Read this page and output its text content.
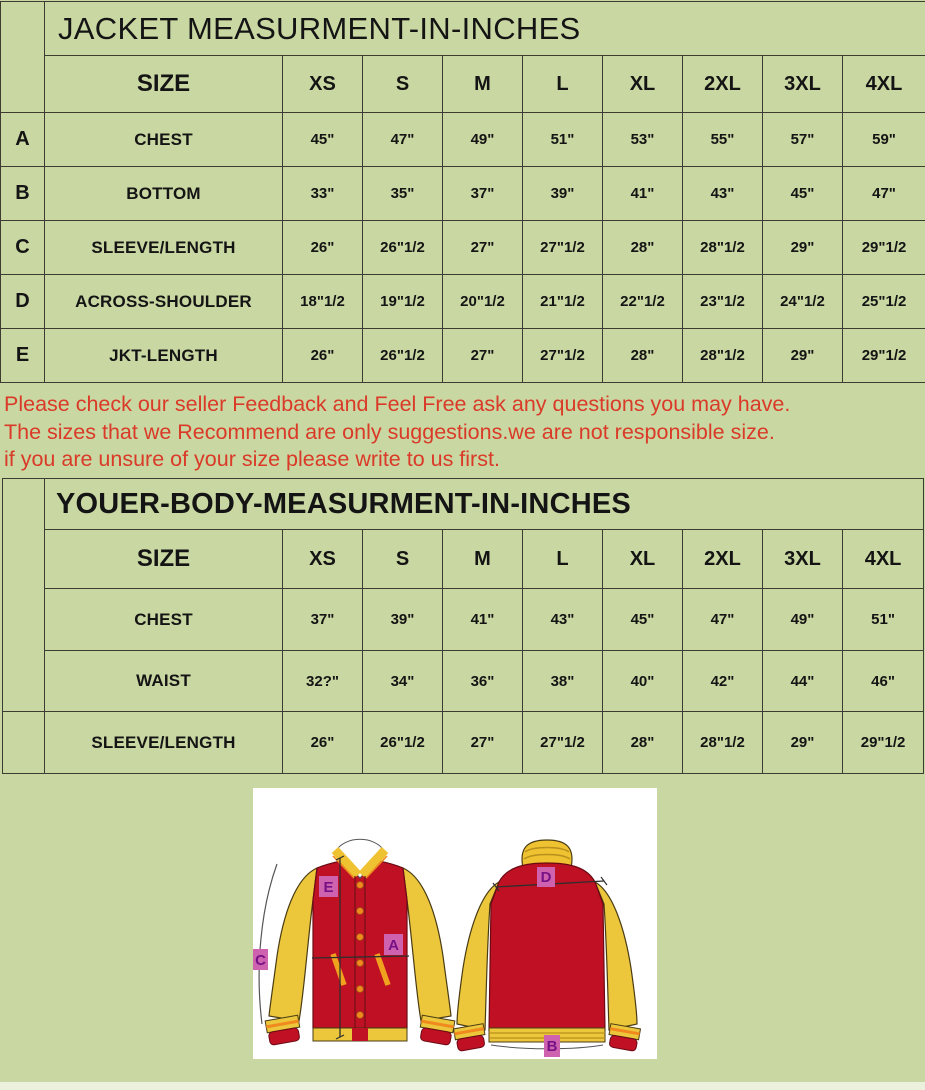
	JACKET MEASURMENT-IN-INCHES								
	SIZE	XS	S	M	L	XL	2XL	3XL	4XL
A	CHEST	45"	47"	49"	51"	53"	55"	57"	59"
B	BOTTOM	33"	35"	37"	39"	41"	43"	45"	47"
C	SLEEVE/LENGTH	26"	26"1/2	27"	27"1/2	28"	28"1/2	29"	29"1/2
D	ACROSS-SHOULDER	18"1/2	19"1/2	20"1/2	21"1/2	22"1/2	23"1/2	24"1/2	25"1/2
E	JKT-LENGTH	26"	26"1/2	27"	27"1/2	28"	28"1/2	29"	29"1/2
Please check our seller Feedback and Feel Free ask any questions you may have.
The sizes that we Recommend are only suggestions.we are not responsible size.
if you are unsure of your size please write to us first.
	YOUER-BODY-MEASURMENT-IN-INCHES								
	SIZE	XS	S	M	L	XL	2XL	3XL	4XL
	CHEST	37"	39"	41"	43"	45"	47"	49"	51"
	WAIST	32?"	34"	36"	38"	40"	42"	44"	46"
	SLEEVE/LENGTH	26"	26"1/2	27"	27"1/2	28"	28"1/2	29"	29"1/2
E
A
C
D
B
